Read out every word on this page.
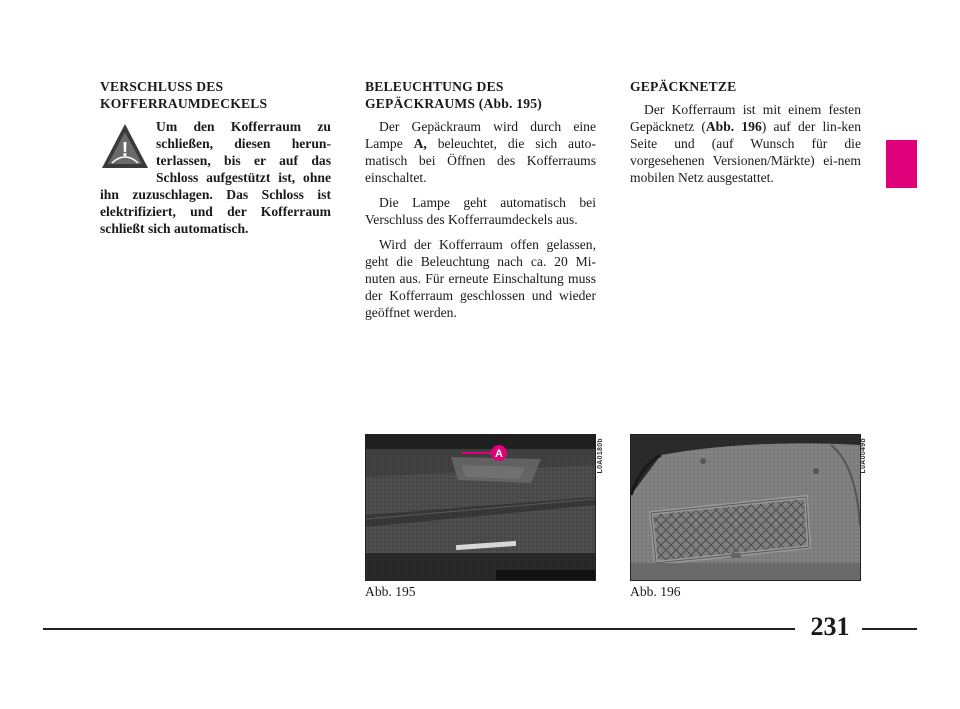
VERSCHLUSS DES
KOFFERRAUMDECKELS
!
Um den Kofferraum zu schließen, diesen herun-terlassen, bis er auf das Schloss aufgestützt ist, ohne ihn zuzuschlagen. Das Schloss ist elektrifiziert, und der Kofferraum schließt sich automatisch.
BELEUCHTUNG DES
GEPÄCKRAUMS (Abb. 195)

Der Gepäckraum wird durch eine Lampe A, beleuchtet, die sich auto-matisch bei Öffnen des Kofferraums einschaltet.

Die Lampe geht automatisch bei Verschluss des Kofferraumdeckels aus.

Wird der Kofferraum offen gelassen, geht die Beleuchtung nach ca. 20 Mi-nuten aus. Für erneute Einschaltung muss der Kofferraum geschlossen und wieder geöffnet werden.

GEPÄCKNETZE

Der Kofferraum ist mit einem festen Gepäcknetz (Abb. 196) auf der lin-ken Seite und (auf Wunsch für die vorgesehenen Versionen/Märkte) ei-nem mobilen Netz ausgestattet.

A	L0A0180b
Abb. 195
L0A0049b
Abb. 196
231
